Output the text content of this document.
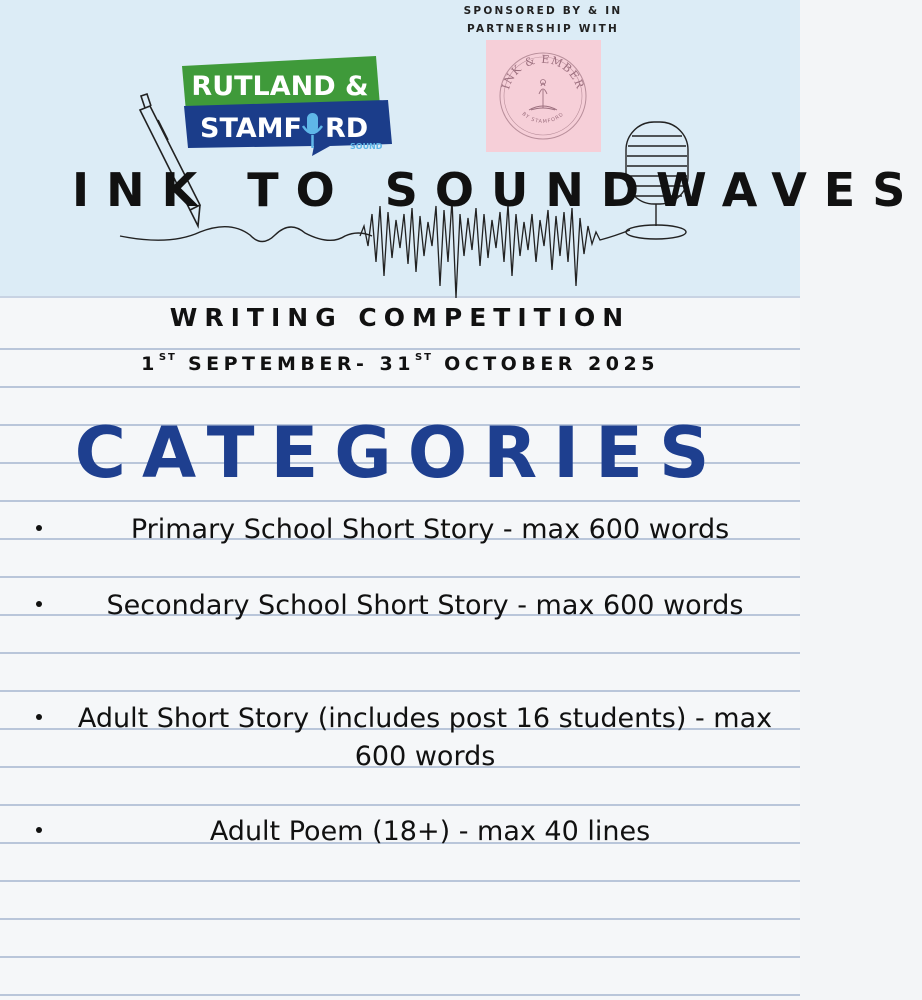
SPONSORED BY & IN PARTNERSHIP WITH
INK & EMBER
BY STAMFORD
RUTLAND &
STAMF RD
SOUND
INK TO SOUNDWAVES
WRITING COMPETITION
1ST SEPTEMBER- 31ST OCTOBER 2025
CATEGORIES
Primary School Short Story - max 600 words
Secondary School Short Story - max 600 words
Adult Short Story (includes post 16 students) - max 600 words
Adult Poem (18+) - max 40 lines
